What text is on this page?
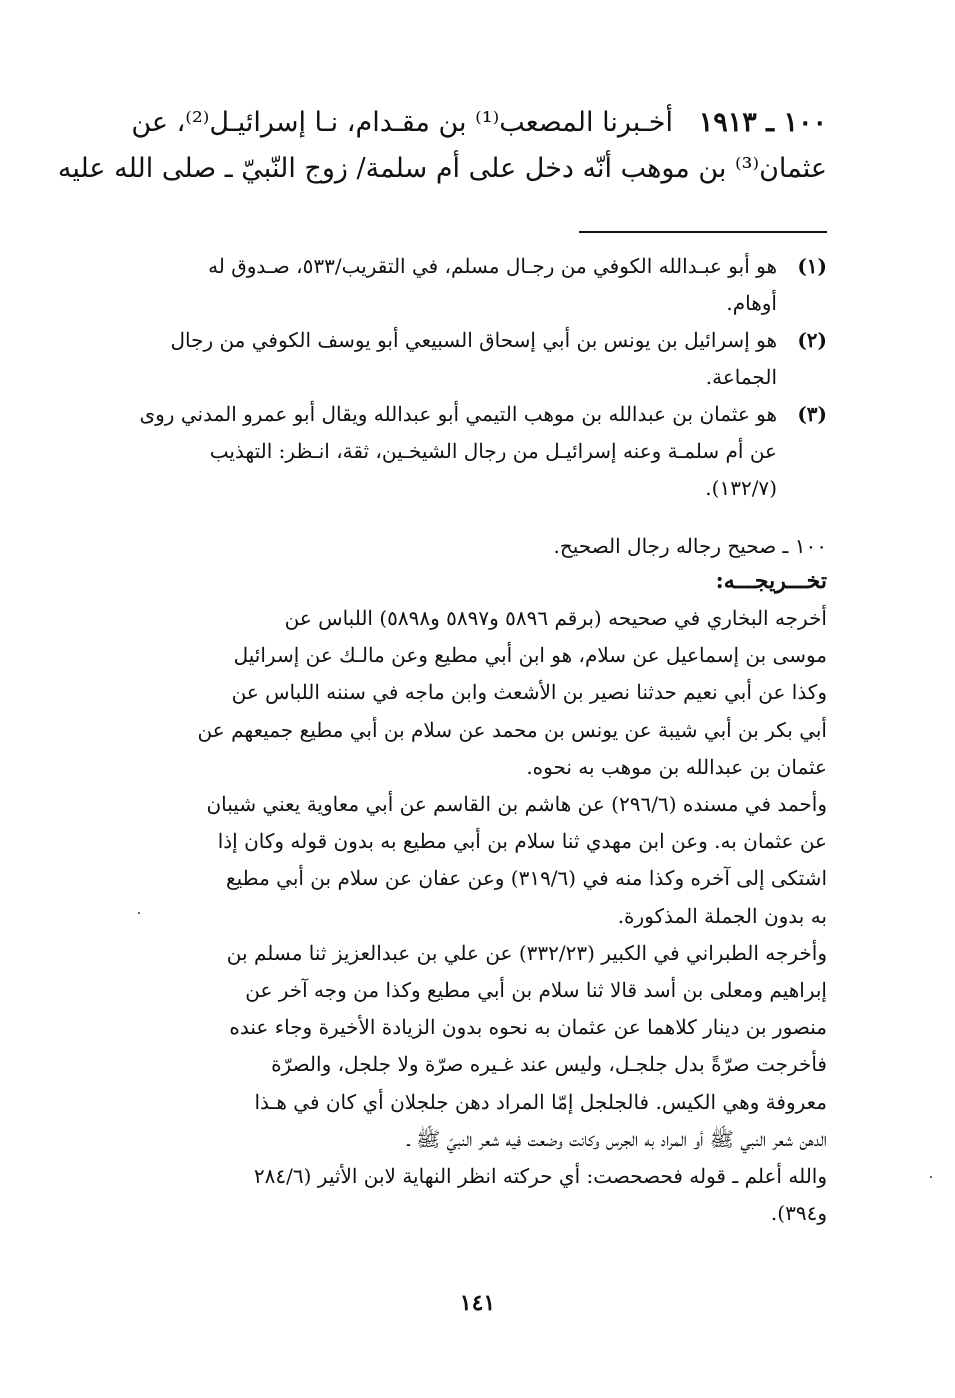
١٠٠ ـ ١٩١٣   أخـبرنا المصعب⁽¹⁾ بن مقـدام، نـا إسرائيـل⁽²⁾، عن
عثمان⁽³⁾ بن موهب أنّه دخل على أم سلمة/ زوج النّبيّ ـ صلى الله عليه
(١)
هو أبو عبـدالله الكوفي من رجـال مسلم، في التقريب/٥٣٣، صـدوق له
أوهام.
(٢)
هو إسرائيل بن يونس بن أبي إسحاق السبيعي أبو يوسف الكوفي من رجال
الجماعة.
(٣)
هو عثمان بن عبدالله بن موهب التيمي أبو عبدالله ويقال أبو عمرو المدني روى
عن أم سلمـة وعنه إسرائيـل من رجال الشيخـين، ثقة، انـظر: التهذيب
(١٣٢/٧).
١٠٠ ـ صحيح رجاله رجال الصحيح.
تخـــريجـــه:
أخرجه البخاري في صحيحه (برقم ٥٨٩٦ و٥٨٩٧ و٥٨٩٨) اللباس عن
موسى بن إسماعيل عن سلام، هو ابن أبي مطيع وعن مالـك عن إسرائيل
وكذا عن أبي نعيم حدثنا نصير بن الأشعث وابن ماجه في سننه اللباس عن
أبي بكر بن أبي شيبة عن يونس بن محمد عن سلام بن أبي مطيع جميعهم عن
عثمان بن عبدالله بن موهب به نحوه.
وأحمد في مسنده (٢٩٦/٦) عن هاشم بن القاسم عن أبي معاوية يعني شيبان
عن عثمان به. وعن ابن مهدي ثنا سلام بن أبي مطيع به بدون قوله وكان إذا
اشتكى إلى آخره وكذا منه في (٣١٩/٦) وعن عفان عن سلام بن أبي مطيع
به بدون الجملة المذكورة.
وأخرجه الطبراني في الكبير (٣٣٢/٢٣) عن علي بن عبدالعزيز ثنا مسلم بن
إبراهيم ومعلى بن أسد قالا ثنا سلام بن أبي مطيع وكذا من وجه آخر عن
منصور بن دينار كلاهما عن عثمان به نحوه بدون الزيادة الأخيرة وجاء عنده
فأخرجت صرّةً بدل جلجـل، وليس عند غـيره صرّة ولا جلجل، والصرّة
معروفة وهي الكيس. فالجلجل إمّا المراد دهن جلجلان أي كان في هـذا
الدهن شعر النبي ﷺ أو المراد به الجرس وكانت وضعت فيه شعر النبيّ ﷺ ـ
والله أعلم ـ قوله فحصحصت: أي حركته انظر النهاية لابن الأثير (٢٨٤/٦
و٣٩٤).
١٤١
